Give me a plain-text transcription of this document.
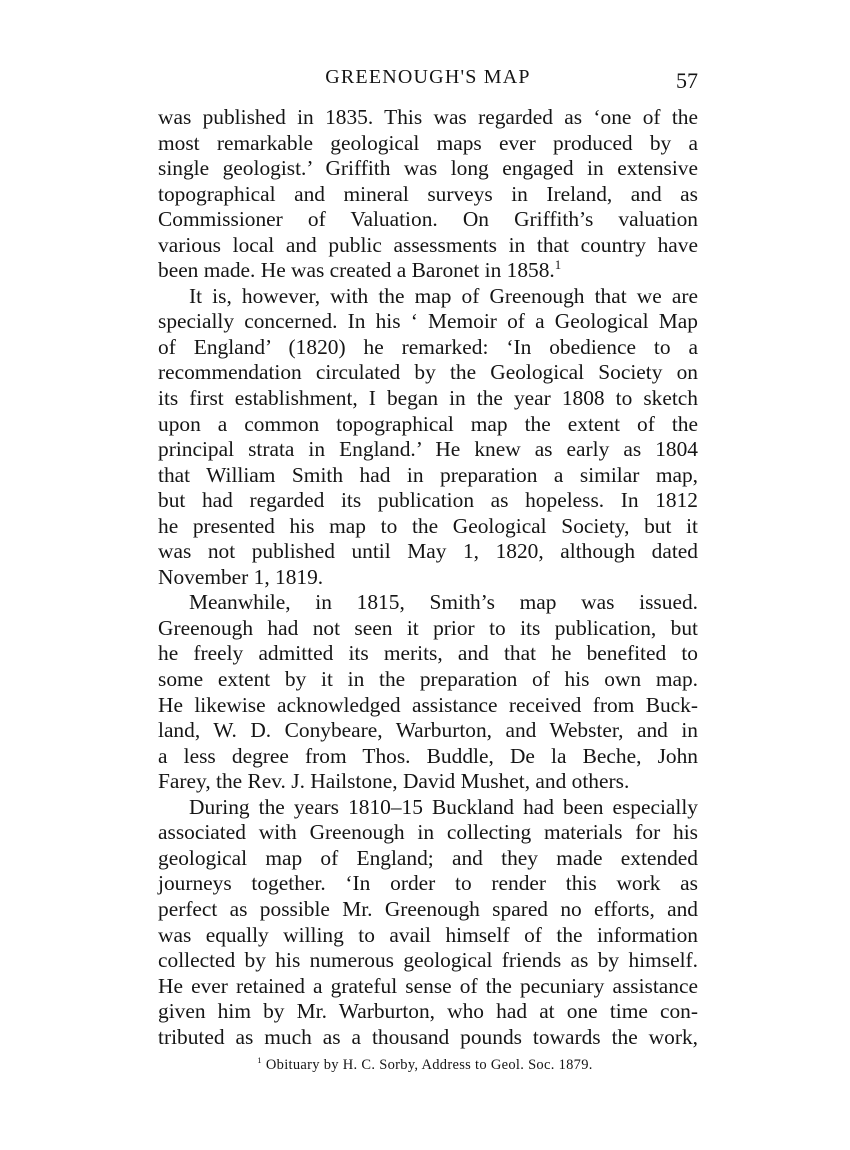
GREENOUGH'S MAP	57
was published in 1835. This was regarded as ‘one of the
most remarkable geological maps ever produced by a
single geologist.’ Griffith was long engaged in extensive
topographical and mineral surveys in Ireland, and as
Commissioner of Valuation. On Griffith’s valuation
various local and public assessments in that country have
been made. He was created a Baronet in 1858.$^1$
It is, however, with the map of Greenough that we are
specially concerned. In his ‘ Memoir of a Geological Map
of England’ (1820) he remarked: ‘In obedience to a
recommendation circulated by the Geological Society on
its first establishment, I began in the year 1808 to sketch
upon a common topographical map the extent of the
principal strata in England.’ He knew as early as 1804
that William Smith had in preparation a similar map,
but had regarded its publication as hopeless. In 1812
he presented his map to the Geological Society, but it
was not published until May 1, 1820, although dated
November 1, 1819.
Meanwhile, in 1815, Smith’s map was issued.
Greenough had not seen it prior to its publication, but
he freely admitted its merits, and that he benefited to
some extent by it in the preparation of his own map.
He likewise acknowledged assistance received from Buck-
land, W. D. Conybeare, Warburton, and Webster, and in
a less degree from Thos. Buddle, De la Beche, John
Farey, the Rev. J. Hailstone, David Mushet, and others.
During the years 1810–15 Buckland had been especially
associated with Greenough in collecting materials for his
geological map of England; and they made extended
journeys together. ‘In order to render this work as
perfect as possible Mr. Greenough spared no efforts, and
was equally willing to avail himself of the information
collected by his numerous geological friends as by himself.
He ever retained a grateful sense of the pecuniary assistance
given him by Mr. Warburton, who had at one time con-
tributed as much as a thousand pounds towards the work,
$^1$ Obituary by H. C. Sorby, Address to Geol. Soc. 1879.
